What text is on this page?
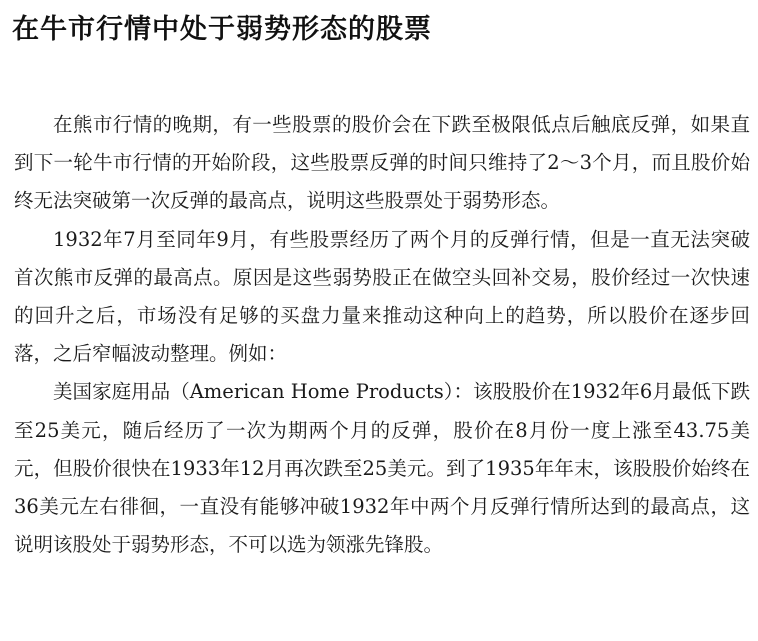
在牛市行情中处于弱势形态的股票

在熊市行情的晚期，有一些股票的股价会在下跌至极限低点后触底反弹，如果直到下一轮牛市行情的开始阶段，这些股票反弹的时间只维持了2～3个月，而且股价始终无法突破第一次反弹的最高点，说明这些股票处于弱势形态。

1932年7月至同年9月，有些股票经历了两个月的反弹行情，但是一直无法突破首次熊市反弹的最高点。原因是这些弱势股正在做空头回补交易，股价经过一次快速的回升之后，市场没有足够的买盘力量来推动这种向上的趋势，所以股价在逐步回落，之后窄幅波动整理。例如：

美国家庭用品（American Home Products）：该股股价在1932年6月最低下跌至25美元，随后经历了一次为期两个月的反弹，股价在8月份一度上涨至43.75美元，但股价很快在1933年12月再次跌至25美元。到了1935年年末，该股股价始终在36美元左右徘徊，一直没有能够冲破1932年中两个月反弹行情所达到的最高点，这说明该股处于弱势形态，不可以选为领涨先锋股。
